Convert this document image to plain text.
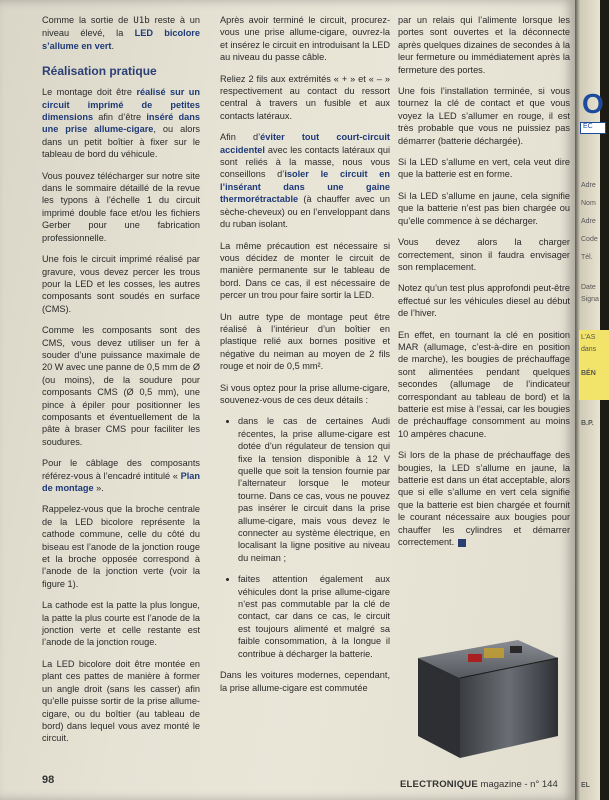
Comme la sortie de U1b reste à un niveau élevé, la LED bicolore s’allume en vert.

Réalisation pratique

Le montage doit être réalisé sur un circuit imprimé de petites dimensions afin d’être inséré dans une prise allume-cigare, ou alors dans un petit boîtier à fixer sur le tableau de bord du véhicule.

Vous pouvez télécharger sur notre site dans le sommaire détaillé de la revue les typons à l’échelle 1 du circuit imprimé double face et/ou les fichiers Gerber pour une fabrication professionnelle.

Une fois le circuit imprimé réalisé par gravure, vous devez percer les trous pour la LED et les cosses, les autres composants sont soudés en surface (CMS).

Comme les composants sont des CMS, vous devez utiliser un fer à souder d’une puissance maximale de 20 W avec une panne de 0,5 mm de Ø (ou moins), de la soudure pour composants CMS (Ø 0,5 mm), une pince à épiler pour positionner les composants et éventuellement de la pâte à braser CMS pour faciliter les soudures.

Pour le câblage des composants référez-vous à l’encadré intitulé « Plan de montage ».

Rappelez-vous que la broche centrale de la LED bicolore représente la cathode commune, celle du côté du biseau est l’anode de la jonction rouge et la broche opposée correspond à l’anode de la jonction verte (voir la figure 1).

La cathode est la patte la plus longue, la patte la plus courte est l’anode de la jonction verte et celle restante est l’anode de la jonction rouge.

La LED bicolore doit être montée en plant ces pattes de manière à former un angle droit (sans les casser) afin qu’elle puisse sortir de la prise allume-cigare, ou du boîtier (au tableau de bord) dans lequel vous avez monté le circuit.

Après avoir terminé le circuit, procurez-vous une prise allume-cigare, ouvrez-la et insérez le circuit en introduisant la LED au niveau du passe câble.

Reliez 2 fils aux extrémités « + » et « – » respectivement au contact du ressort central à travers un fusible et aux contacts latéraux.

Afin d’éviter tout court-circuit accidentel avec les contacts latéraux qui sont reliés à la masse, nous vous conseillons d’isoler le circuit en l’insérant dans une gaine thermorétractable (à chauffer avec un sèche-cheveux) ou en l’enveloppant dans du ruban isolant.

La même précaution est nécessaire si vous décidez de monter le circuit de manière permanente sur le tableau de bord. Dans ce cas, il est nécessaire de percer un trou pour faire sortir la LED.

Un autre type de montage peut être réalisé à l’intérieur d’un boîtier en plastique relié aux bornes positive et négative du neiman au moyen de 2 fils rouge et noir de 0,5 mm².

Si vous optez pour la prise allume-cigare, souvenez-vous de ces deux détails :

• dans le cas de certaines Audi récentes, la prise allume-cigare est dotée d’un régulateur de tension qui fixe la tension disponible à 12 V quelle que soit la tension fournie par l’alternateur lorsque le moteur tourne. Dans ce cas, vous ne pouvez pas insérer le circuit dans la prise allume-cigare, mais vous devez le connecter au système électrique, en localisant la ligne positive au niveau du neiman ;
• faites attention également aux véhicules dont la prise allume-cigare n’est pas commutable par la clé de contact, car dans ce cas, le circuit est toujours alimenté et malgré sa faible consommation, à la longue il contribue à décharger la batterie.

Dans les voitures modernes, cependant, la prise allume-cigare est commutée

par un relais qui l’alimente lorsque les portes sont ouvertes et la déconnecte après quelques dizaines de secondes à la leur fermeture ou immédiatement après la fermeture des portes.

Une fois l’installation terminée, si vous tournez la clé de contact et que vous voyez la LED s’allumer en rouge, il est très probable que vous ne puissiez pas démarrer (batterie déchargée).

Si la LED s’allume en vert, cela veut dire que la batterie est en forme.

Si la LED s’allume en jaune, cela signifie que la batterie n’est pas bien chargée ou qu’elle commence à se décharger.

Vous devez alors la charger correctement, sinon il faudra envisager son remplacement.

Notez qu’un test plus approfondi peut-être effectué sur les véhicules diesel au début de l’hiver.

En effet, en tournant la clé en position MAR (allumage, c’est-à-dire en position de marche), les bougies de préchauffage sont alimentées pendant quelques secondes (allumage de l’indicateur correspondant au tableau de bord) et la batterie est mise à l’essai, car les bougies de préchauffage consomment au moins 10 ampères chacune.

Si lors de la phase de préchauffage des bougies, la LED s’allume en jaune, la batterie est dans un état acceptable, alors que si elle s’allume en vert cela signifie que la batterie est bien chargée et fournit le courant nécessaire aux bougies pour chauffer les cylindres et démarrer correctement.

98	ELECTRONIQUE magazine - n° 144
O
EC
Adre
Nom
Adre
Code
Tél.
Date
Signa
L’AS
dans
BÉN
B.P.
EL
